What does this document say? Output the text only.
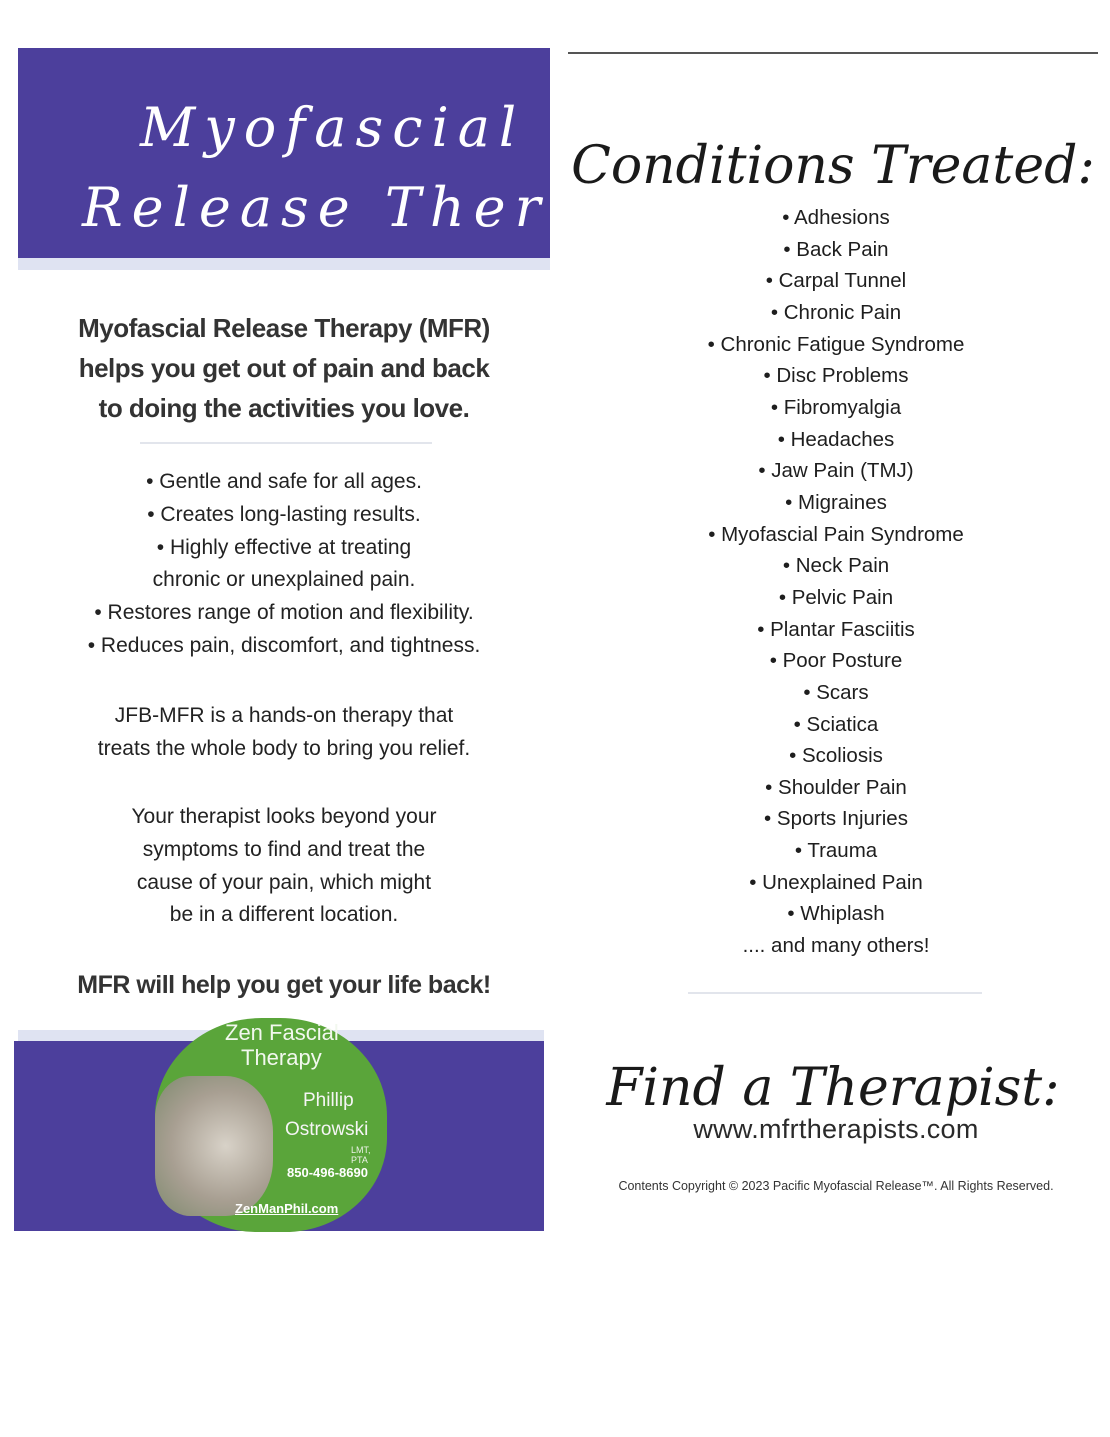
Myofascial
Release Therapy
Myofascial Release Therapy (MFR)
helps you get out of pain and back
to doing the activities you love.
• Gentle and safe for all ages.
• Creates long-lasting results.
• Highly effective at treating
chronic or unexplained pain.
• Restores range of motion and flexibility.
• Reduces pain, discomfort, and tightness.
JFB-MFR is a hands-on therapy that
treats the whole body to bring you relief.
Your therapist looks beyond your
symptoms to find and treat the
cause of your pain, which might
be in a different location.
MFR will help you get your life back!
Zen Fascial
Therapy
Phillip
Ostrowski
LMT, PTA
850-496-8690
ZenManPhil.com
Conditions Treated:
• Adhesions
• Back Pain
• Carpal Tunnel
• Chronic Pain
• Chronic Fatigue Syndrome
• Disc Problems
• Fibromyalgia
• Headaches
• Jaw Pain (TMJ)
• Migraines
• Myofascial Pain Syndrome
• Neck Pain
• Pelvic Pain
• Plantar Fasciitis
• Poor Posture
• Scars
• Sciatica
• Scoliosis
• Shoulder Pain
• Sports Injuries
• Trauma
• Unexplained Pain
• Whiplash
.... and many others!
Find a Therapist:
www.mfrtherapists.com
Contents Copyright © 2023 Pacific Myofascial Release™. All Rights Reserved.
